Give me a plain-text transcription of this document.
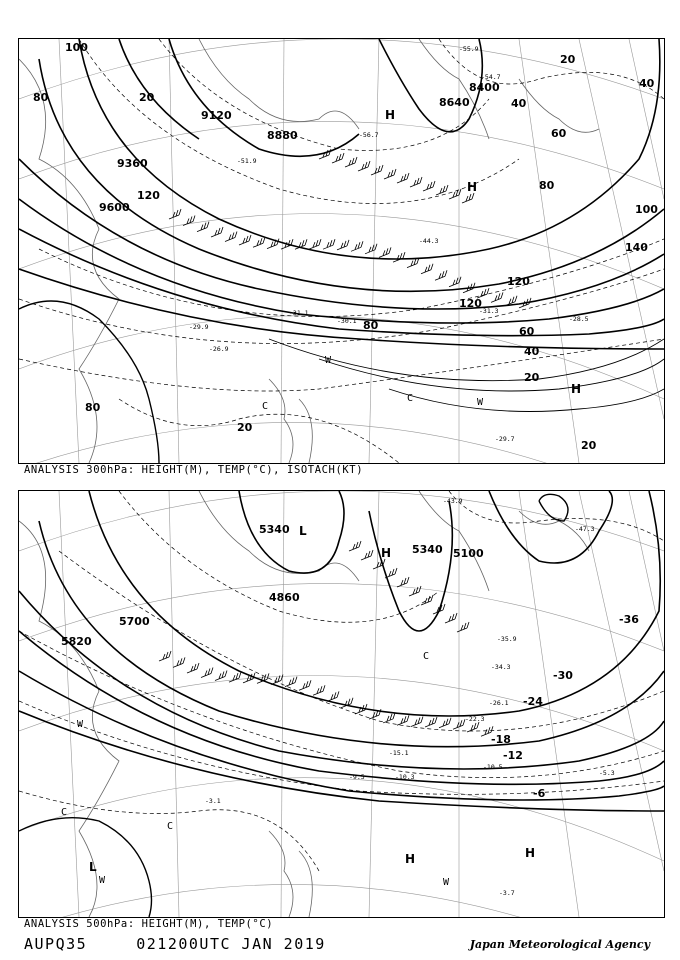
100
80	20
9120
8880
9360
9600
120
H
8640
8400
40
20
60
40
80
100
120
140
120
80	60
40
20
20
80
20
H
H
C	W
W
C
-29.9
-26.9
-31.3
-28.5
-30.1
-31.1
-29.7
-55.9
-54.7
-51.9
-56.7
-44.3
ANALYSIS 300hPa: HEIGHT(M), TEMP(°C), ISOTACH(KT)
5340
5340 5100
4860
5700
5820
-36
-30
-24
-18
-12
-6
L
H
L
H	H
C
C
W
W
W
C
-15.1
-10.5
-10.3	-5.3
-3.7
-3.1
-9.5
-22.3
-26.1
-34.3
-35.9
-43.9
-47.3
ANALYSIS 500hPa: HEIGHT(M), TEMP(°C)
AUPQ35	021200UTC JAN 2019	Japan Meteorological Agency
